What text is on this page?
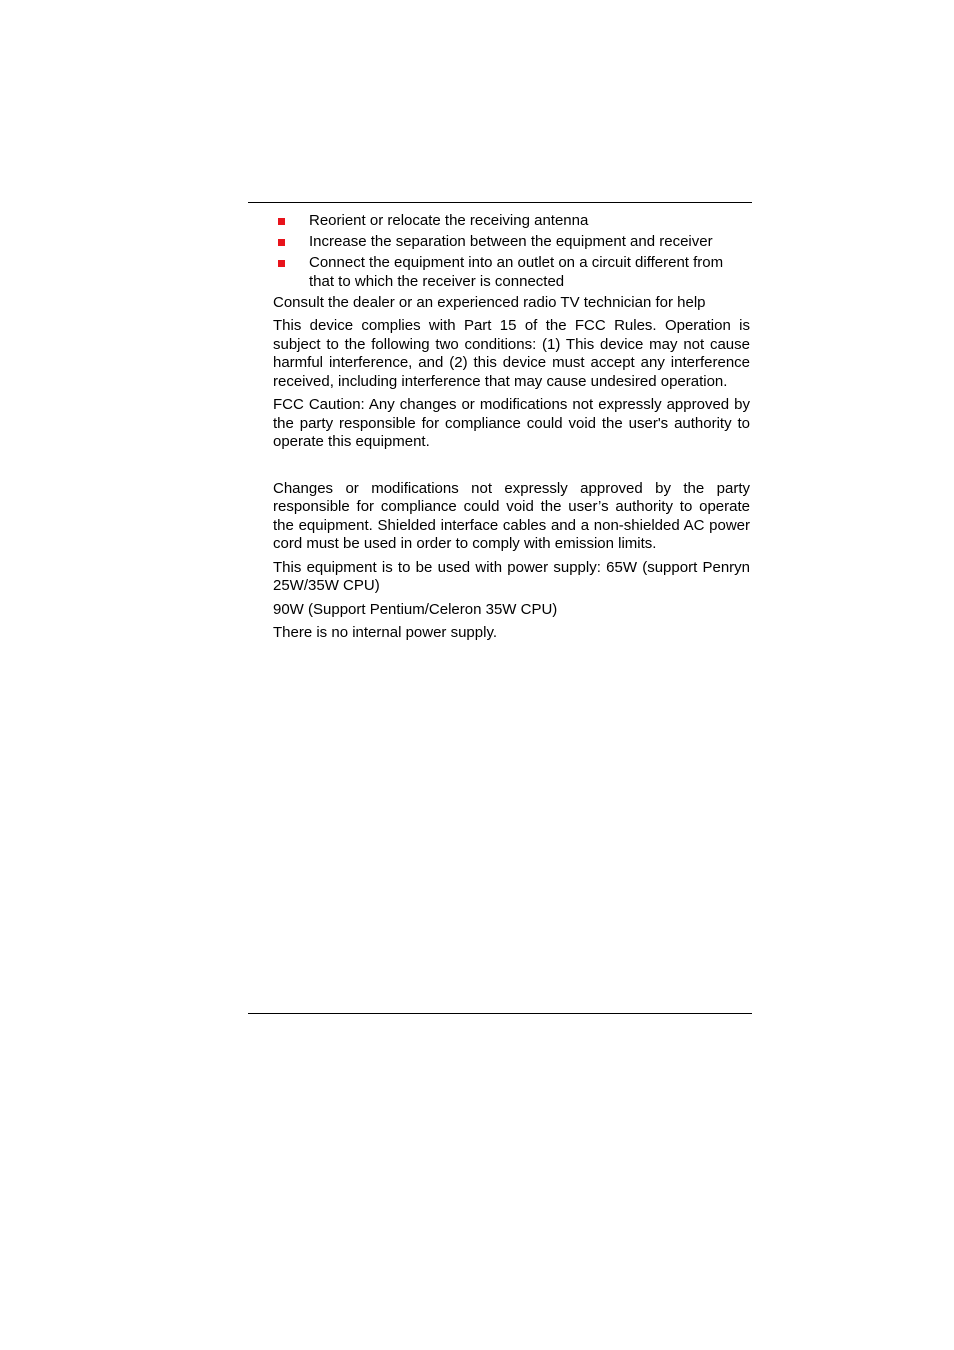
Reorient or relocate the receiving antenna
Increase the separation between the equipment and receiver
Connect the equipment into an outlet on a circuit different from that to which the receiver is connected

Consult the dealer or an experienced radio TV technician for help

This device complies with Part 15 of the FCC Rules. Operation is subject to the following two conditions: (1) This device may not cause harmful interference, and (2) this device must accept any interference received, including interference that may cause undesired operation.

FCC Caution: Any changes or modifications not expressly approved by the party responsible for compliance could void the user's authority to operate this equipment.

Changes or modifications not expressly approved by the party responsible for compliance could void the user’s authority to operate the equipment. Shielded interface cables and a non-shielded AC power cord must be used in order to comply with emission limits.

This equipment is to be used with power supply: 65W (support Penryn 25W/35W CPU)

90W (Support Pentium/Celeron 35W CPU)

There is no internal power supply.
